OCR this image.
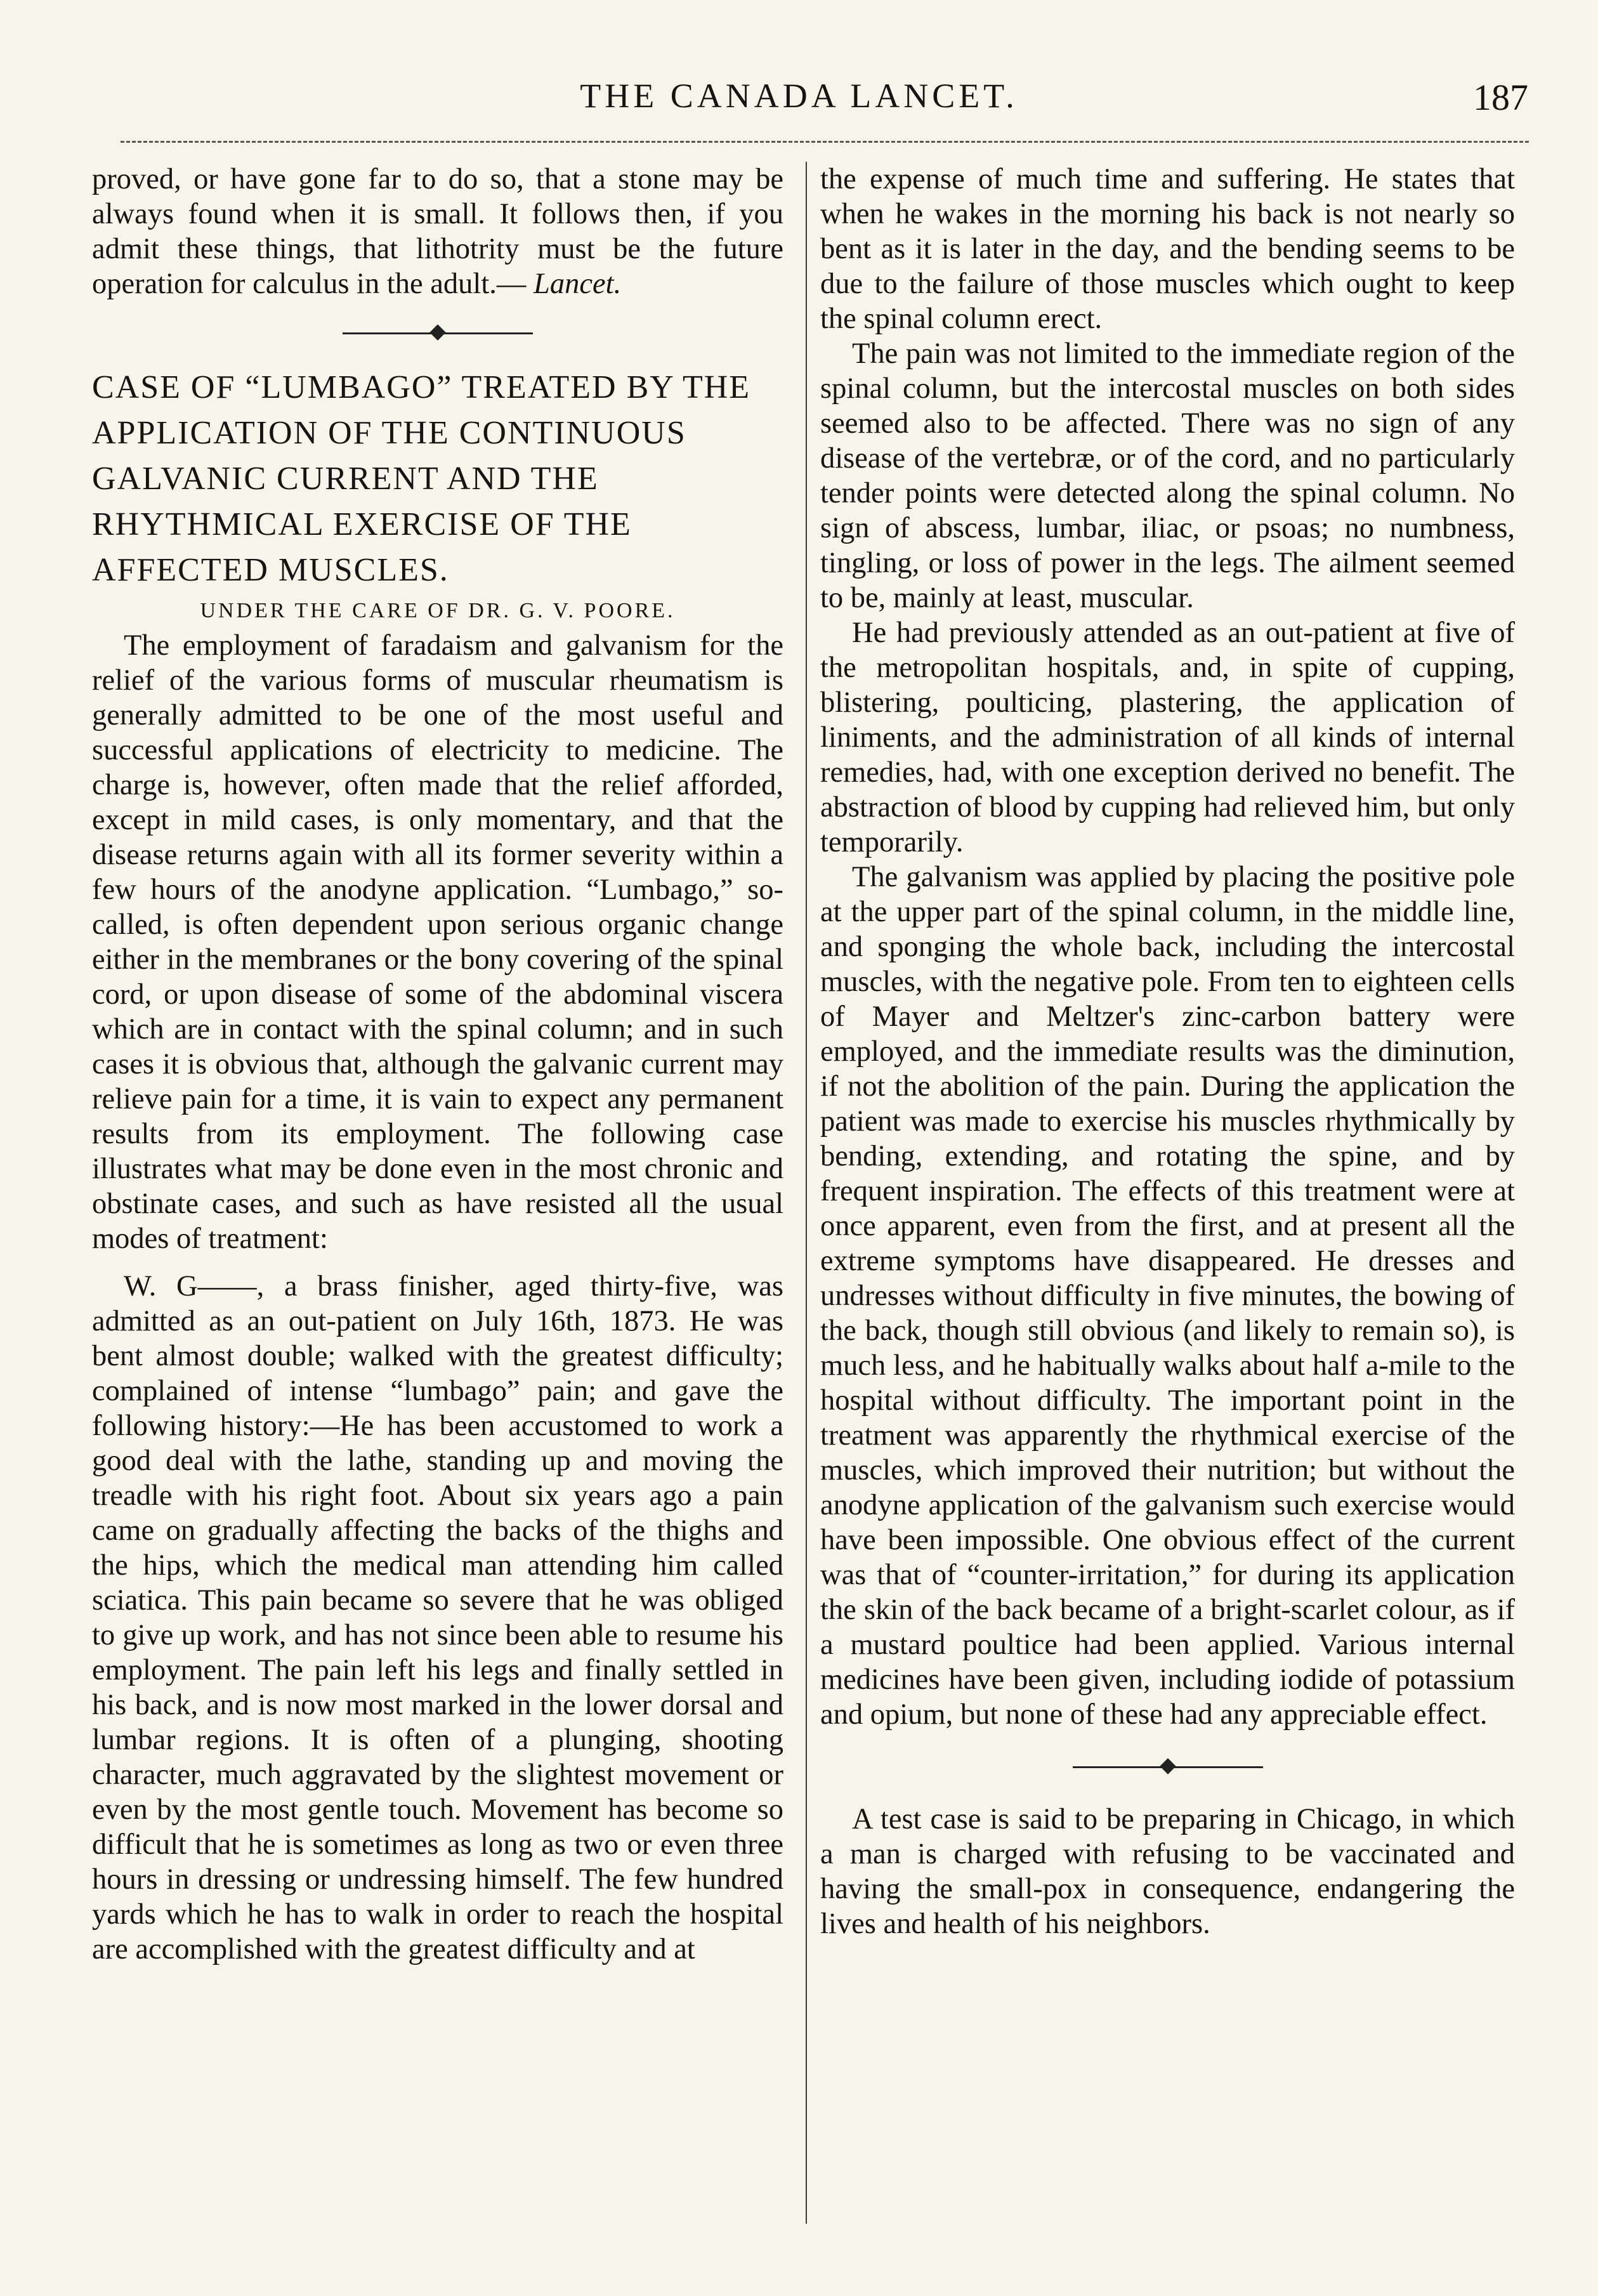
THE CANADA LANCET.	187

proved, or have gone far to do so, that a stone may be always found when it is small. It follows then, if you admit these things, that lithotrity must be the future operation for calculus in the adult.— Lancet.

CASE OF “LUMBAGO” TREATED BY THE APPLICATION OF THE CONTINUOUS GALVANIC CURRENT AND THE RHYTHMICAL EXERCISE OF THE AFFECTED MUSCLES.

UNDER THE CARE OF DR. G. V. POORE.

The employment of faradaism and galvanism for the relief of the various forms of muscular rheumatism is generally admitted to be one of the most useful and successful applications of electricity to medicine. The charge is, however, often made that the relief afforded, except in mild cases, is only momentary, and that the disease returns again with all its former severity within a few hours of the anodyne application. “Lumbago,” so-called, is often dependent upon serious organic change either in the membranes or the bony covering of the spinal cord, or upon disease of some of the abdominal viscera which are in contact with the spinal column; and in such cases it is obvious that, although the galvanic current may relieve pain for a time, it is vain to expect any permanent results from its employment. The following case illustrates what may be done even in the most chronic and obstinate cases, and such as have resisted all the usual modes of treatment:

W. G——, a brass finisher, aged thirty-five, was admitted as an out-patient on July 16th, 1873. He was bent almost double; walked with the greatest difficulty; complained of intense “lumbago” pain; and gave the following history:—He has been accustomed to work a good deal with the lathe, standing up and moving the treadle with his right foot. About six years ago a pain came on gradually affecting the backs of the thighs and the hips, which the medical man attending him called sciatica. This pain became so severe that he was obliged to give up work, and has not since been able to resume his employment. The pain left his legs and finally settled in his back, and is now most marked in the lower dorsal and lumbar regions. It is often of a plunging, shooting character, much aggravated by the slightest movement or even by the most gentle touch. Movement has become so difficult that he is sometimes as long as two or even three hours in dressing or undressing himself. The few hundred yards which he has to walk in order to reach the hospital are accomplished with the greatest difficulty and at

the expense of much time and suffering. He states that when he wakes in the morning his back is not nearly so bent as it is later in the day, and the bending seems to be due to the failure of those muscles which ought to keep the spinal column erect.

The pain was not limited to the immediate region of the spinal column, but the intercostal muscles on both sides seemed also to be affected. There was no sign of any disease of the vertebræ, or of the cord, and no particularly tender points were detected along the spinal column. No sign of abscess, lumbar, iliac, or psoas; no numbness, tingling, or loss of power in the legs. The ailment seemed to be, mainly at least, muscular.

He had previously attended as an out-patient at five of the metropolitan hospitals, and, in spite of cupping, blistering, poulticing, plastering, the application of liniments, and the administration of all kinds of internal remedies, had, with one exception derived no benefit. The abstraction of blood by cupping had relieved him, but only temporarily.

The galvanism was applied by placing the positive pole at the upper part of the spinal column, in the middle line, and sponging the whole back, including the intercostal muscles, with the negative pole. From ten to eighteen cells of Mayer and Meltzer's zinc-carbon battery were employed, and the immediate results was the diminution, if not the abolition of the pain. During the application the patient was made to exercise his muscles rhythmically by bending, extending, and rotating the spine, and by frequent inspiration. The effects of this treatment were at once apparent, even from the first, and at present all the extreme symptoms have disappeared. He dresses and undresses without difficulty in five minutes, the bowing of the back, though still obvious (and likely to remain so), is much less, and he habitually walks about half a-mile to the hospital without difficulty. The important point in the treatment was apparently the rhythmical exercise of the muscles, which improved their nutrition; but without the anodyne application of the galvanism such exercise would have been impossible. One obvious effect of the current was that of “counter-irritation,” for during its application the skin of the back became of a bright-scarlet colour, as if a mustard poultice had been applied. Various internal medicines have been given, including iodide of potassium and opium, but none of these had any appreciable effect.

A test case is said to be preparing in Chicago, in which a man is charged with refusing to be vaccinated and having the small-pox in consequence, endangering the lives and health of his neighbors.
